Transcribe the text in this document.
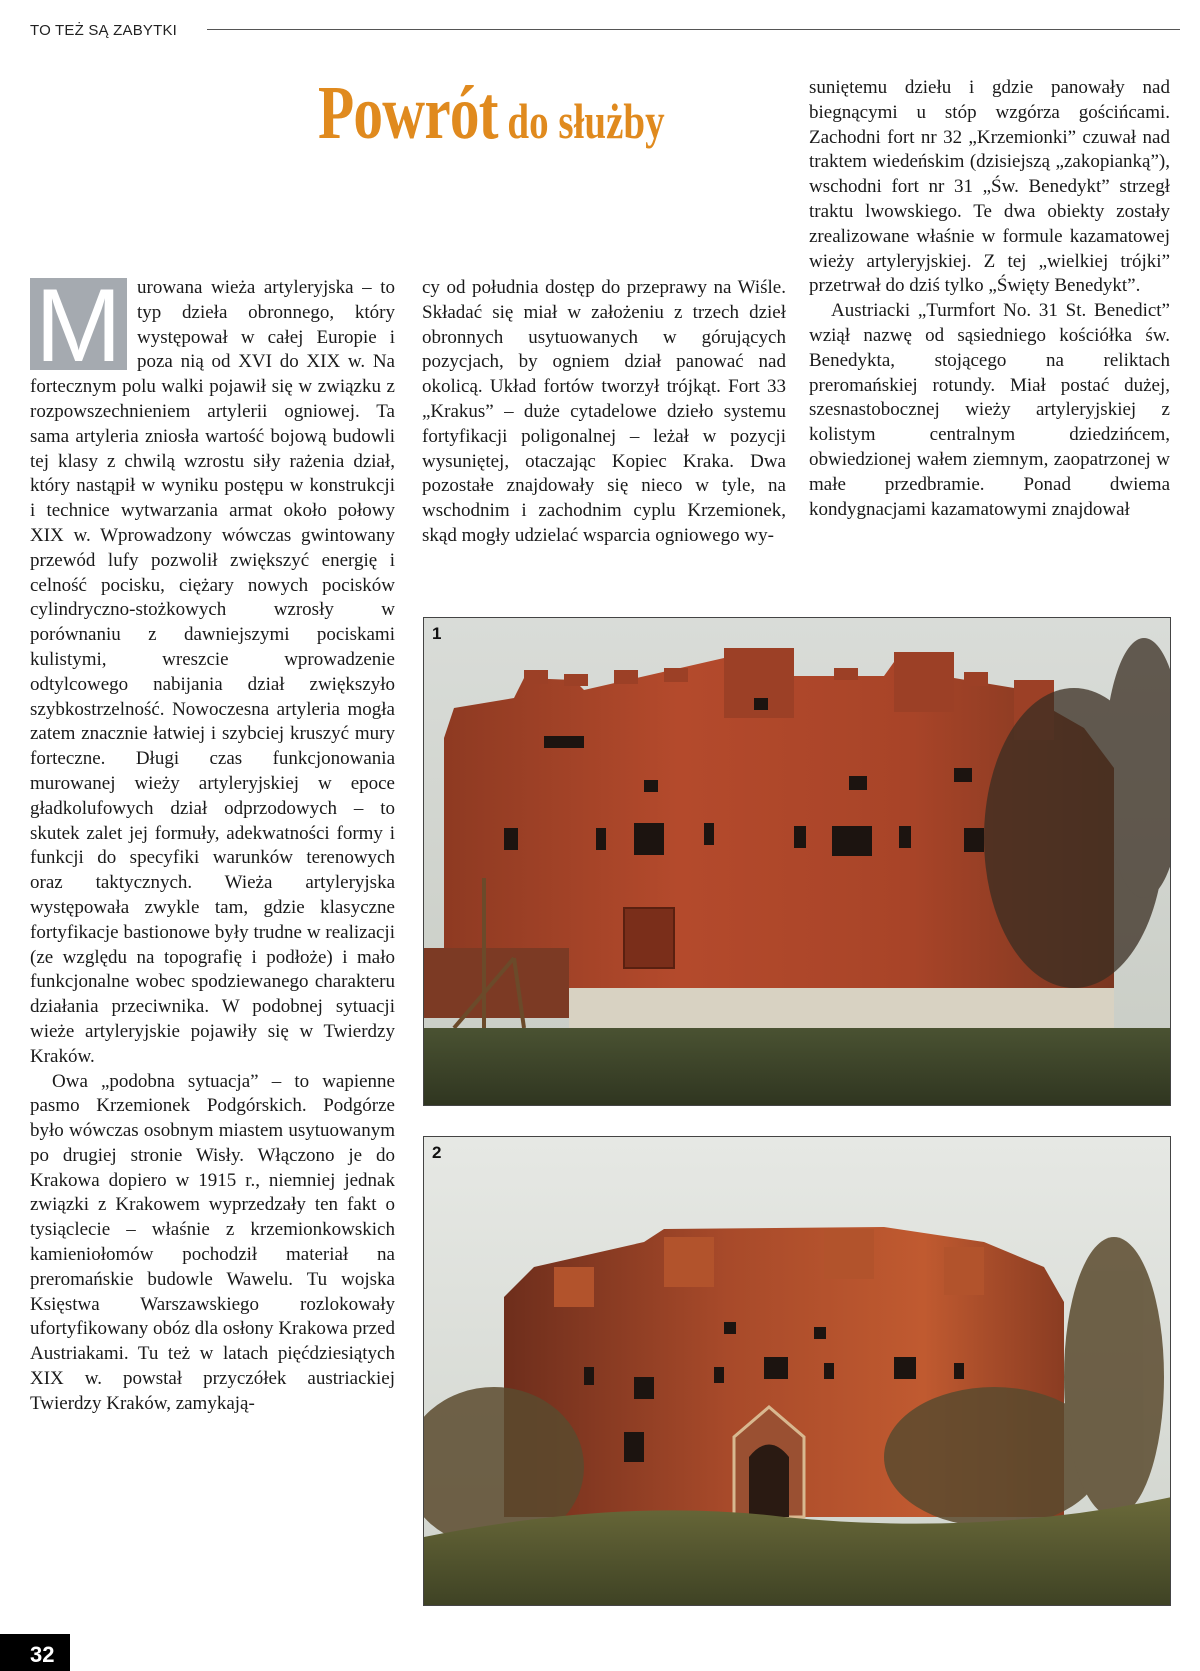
TO TEŻ SĄ ZABYTKI
Powrót do służby
M urowana wieża artyleryjska – to typ dzieła obronnego, który występował w całej Europie i poza nią od XVI do XIX w. Na fortecznym polu walki pojawił się w związku z rozpowszechnieniem artylerii ogniowej. Ta sama artyleria zniosła wartość bojową budowli tej klasy z chwilą wzrostu siły rażenia dział, który nastąpił w wyniku postępu w konstrukcji i technice wytwarzania armat około połowy XIX w. Wprowadzony wówczas gwintowany przewód lufy pozwolił zwiększyć energię i celność pocisku, ciężary nowych pocisków cylindryczno-stożkowych wzrosły w porównaniu z dawniejszymi pociskami kulistymi, wreszcie wprowadzenie odtylcowego nabijania dział zwiększyło szybkostrzelność. Nowoczesna artyleria mogła zatem znacznie łatwiej i szybciej kruszyć mury forteczne. Długi czas funkcjonowania murowanej wieży artyleryjskiej w epoce gładkolufowych dział odprzodowych – to skutek zalet jej formuły, adekwatności formy i funkcji do specyfiki warunków terenowych oraz taktycznych. Wieża artyleryjska występowała zwykle tam, gdzie klasyczne fortyfikacje bastionowe były trudne w realizacji (ze względu na topografię i podłoże) i mało funkcjonalne wobec spodziewanego charakteru działania przeciwnika. W podobnej sytuacji wieże artyleryjskie pojawiły się w Twierdzy Kraków.

Owa „podobna sytuacja” – to wapienne pasmo Krzemionek Podgórskich. Podgórze było wówczas osobnym miastem usytuowanym po drugiej stronie Wisły. Włączono je do Krakowa dopiero w 1915 r., niemniej jednak związki z Krakowem wyprzedzały ten fakt o tysiąclecie – właśnie z krzemionkowskich kamieniołomów pochodził materiał na preromańskie budowle Wawelu. Tu wojska Księstwa Warszawskiego rozlokowały ufortyfikowany obóz dla osłony Krakowa przed Austriakami. Tu też w latach pięćdziesiątych XIX w. powstał przyczółek austriackiej Twierdzy Kraków, zamykają-

cy od południa dostęp do przeprawy na Wiśle. Składać się miał w założeniu z trzech dzieł obronnych usytuowanych w górujących pozycjach, by ogniem dział panować nad okolicą. Układ fortów tworzył trójkąt. Fort 33 „Krakus” – duże cytadelowe dzieło systemu fortyfikacji poligonalnej – leżał w pozycji wysuniętej, otaczając Kopiec Kraka. Dwa pozostałe znajdowały się nieco w tyle, na wschodnim i zachodnim cyplu Krzemionek, skąd mogły udzielać wsparcia ogniowego wy-

suniętemu dziełu i gdzie panowały nad biegnącymi u stóp wzgórza gościńcami. Zachodni fort nr 32 „Krzemionki” czuwał nad traktem wiedeńskim (dzisiejszą „zakopianką”), wschodni fort nr 31 „Św. Benedykt” strzegł traktu lwowskiego. Te dwa obiekty zostały zrealizowane właśnie w formule kazamatowej wieży artyleryjskiej. Z tej „wielkiej trójki” przetrwał do dziś tylko „Święty Benedykt”.

Austriacki „Turmfort No. 31 St. Benedict” wziął nazwę od sąsiedniego kościółka św. Benedykta, stojącego na reliktach preromańskiej rotundy. Miał postać dużej, szesnastobocznej wieży artyleryjskiej z kolistym centralnym dziedzińcem, obwiedzionej wałem ziemnym, zaopatrzonej w małe przedbramie. Ponad dwiema kondygnacjami kazamatowymi znajdował

1
2
32
